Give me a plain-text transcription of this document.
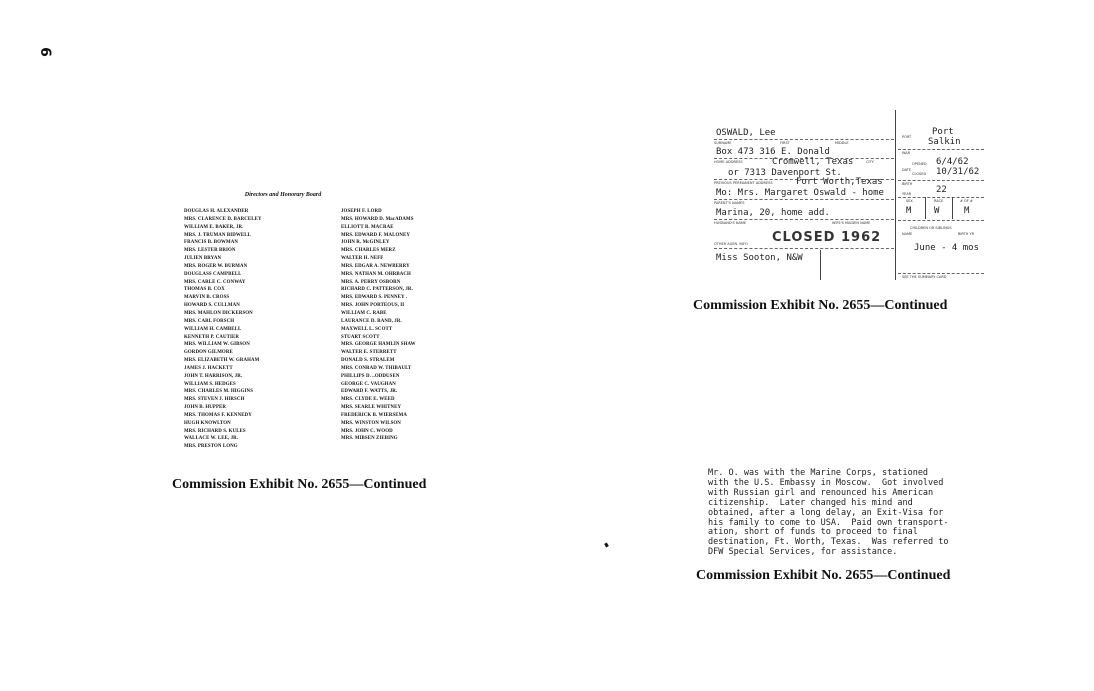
6
Directors and Honorary Board
DOUGLAS H. ALEXANDER
MRS. CLARENCE D. BARCELEY
WILLIAM E. BAKER, JR.
MRS. J. TRUMAN BIDWELL
FRANCIS B. BOWMAN
MRS. LESTER BRION
JULIEN BRYAN
MRS. ROGER W. BURMAN
DOUGLASS CAMPBELL
MRS. CARLE C. CONWAY
THOMAS B. COX
MARVIN B. CROSS
HOWARD S. CULLMAN
MRS. MAHLON DICKERSON
MRS. CARL FORSCH
WILLIAM H. CAMBELL
KENNETH P. CAUTIER
MRS. WILLIAM W. GIBSON
GORDON GILMORE
MRS. ELIZABETH W. GRAHAM
JAMES J. HACKETT
JOHN T. HARRISON, JR.
WILLIAM S. HEDGES
MRS. CHARLES M. HIGGINS
MRS. STEVEN J. HIRSCH
JOHN B. HUPPER
MRS. THOMAS F. KENNEDY
HUGH KNOWLTON
MRS. RICHARD S. KULES
WALLACE W. LEE, JR.
MRS. PRESTON LONG
JOSEPH F. LORD
MRS. HOWARD D. MacADAMS
ELLIOTT B. MACRAE
MRS. EDWARD F. MALONEY
JOHN R. McGINLEY
MRS. CHARLES MERZ
WALTER H. NEFF
MRS. EDGAR A. NEWBERRY
MRS. NATHAN M. OHRBACH
MRS. A. PERRY OSBORN
RICHARD C. PATTERSON, JR.
MRS. EDWARD S. PENNEY .
MRS. JOHN PORTEOUS, II
WILLIAM C. RABE
LAURANCE D. RAND, JR.
MAXWELL L. SCOTT
STUART SCOTT
MRS. GEORGE HAMLIN SHAW
WALTER E. STERRETT
DONALD S. STRALEM
MRS. CONRAD W. THIBAULT
PHILLIPS D. ..ODDUSEN
GEORGE C. VAUGHAN
EDWARD F. WATTS, JR.
MRS. CLYDE E. WEED
MRS. SEARLE WHITNEY
FREDERICK B. WIERSEMA
MRS. WINSTON WILSON
MRS. JOHN C. WOOD
MRS. MIBSEN ZIEBING
Commission Exhibit No. 2655—Continued
OSWALD, Lee
SURNAME	FIRST	MIDDLE
Box 473 316 E. Donald
HOME ADDRESS	Cromwell, Texas	CITY
or 7313 Davenport St.
PREVIOUS PERMANENT ADDRESS	Fort Worth,Texas
Mo: Mrs. Margaret Oswald - home
PARENT'S NAMES
Marina, 20, home add.
HUSBAND'S NAME	WIFE'S MAIDEN NAME
CLOSED 1962
OTHER AGEN. INFO
Miss Sooton, N&W
PORT Port
Salkin
WAR
OPENED 6/4/62
DATE
CLOSED 10/31/62
BIRTH
22
YEAR
SEX	RACE	# OF #
M	W	M
CHILDREN OR SIBLINGS
NAME	BIRTH YR
June - 4 mos
SEE THE SUMMARY CARD
Commission Exhibit No. 2655—Continued
Mr. O. was with the Marine Corps, stationed
with the U.S. Embassy in Moscow.  Got involved
with Russian girl and renounced his American
citizenship.  Later changed his mind and
obtained, after a long delay, an Exit-Visa for
his family to come to USA.  Paid own transport-
ation, short of funds to proceed to final
destination, Ft. Worth, Texas.  Was referred to
DFW Special Services, for assistance.
Commission Exhibit No. 2655—Continued
